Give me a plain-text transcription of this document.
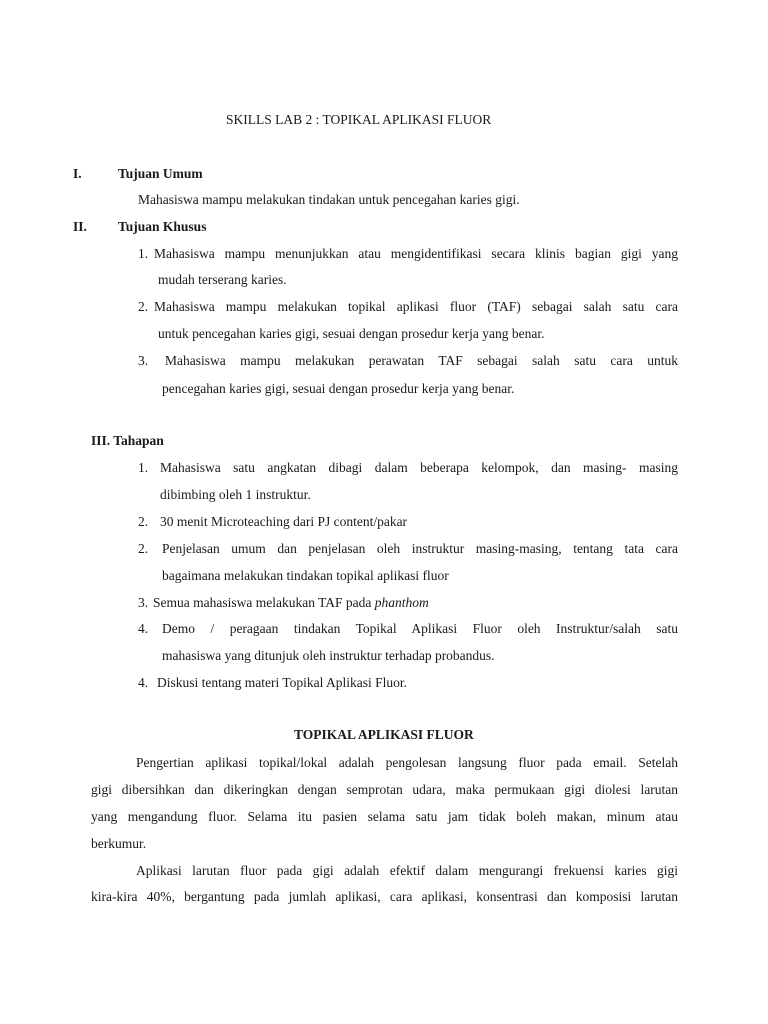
SKILLS LAB 2 : TOPIKAL APLIKASI FLUOR
I.	Tujuan Umum
Mahasiswa mampu melakukan tindakan untuk pencegahan karies gigi.
II. Tujuan Khusus
1. Mahasiswa mampu menunjukkan atau mengidentifikasi secara klinis bagian gigi yang
mudah terserang karies.
2. Mahasiswa mampu melakukan topikal aplikasi fluor (TAF) sebagai salah satu cara
untuk pencegahan karies gigi, sesuai dengan prosedur kerja yang benar.
3. Mahasiswa mampu melakukan perawatan TAF sebagai salah satu cara untuk
pencegahan karies gigi, sesuai dengan prosedur kerja yang benar.
III. Tahapan
1. Mahasiswa satu angkatan dibagi dalam beberapa kelompok, dan masing- masing
dibimbing oleh 1 instruktur.
2. 30 menit Microteaching dari PJ content/pakar
2. Penjelasan umum dan penjelasan oleh instruktur masing-masing, tentang tata cara
bagaimana melakukan tindakan topikal aplikasi fluor
3. Semua mahasiswa melakukan TAF pada phanthom
4. Demo / peragaan tindakan Topikal Aplikasi Fluor oleh Instruktur/salah satu
mahasiswa yang ditunjuk oleh instruktur terhadap probandus.
4. Diskusi tentang materi Topikal Aplikasi Fluor.
TOPIKAL APLIKASI FLUOR
Pengertian aplikasi topikal/lokal adalah pengolesan langsung fluor pada email. Setelah
gigi dibersihkan dan dikeringkan dengan semprotan udara, maka permukaan gigi diolesi larutan
yang mengandung fluor. Selama itu pasien selama satu jam tidak boleh makan, minum atau
berkumur.
Aplikasi larutan fluor pada gigi adalah efektif dalam mengurangi frekuensi karies gigi
kira-kira 40%, bergantung pada jumlah aplikasi, cara aplikasi, konsentrasi dan komposisi larutan
